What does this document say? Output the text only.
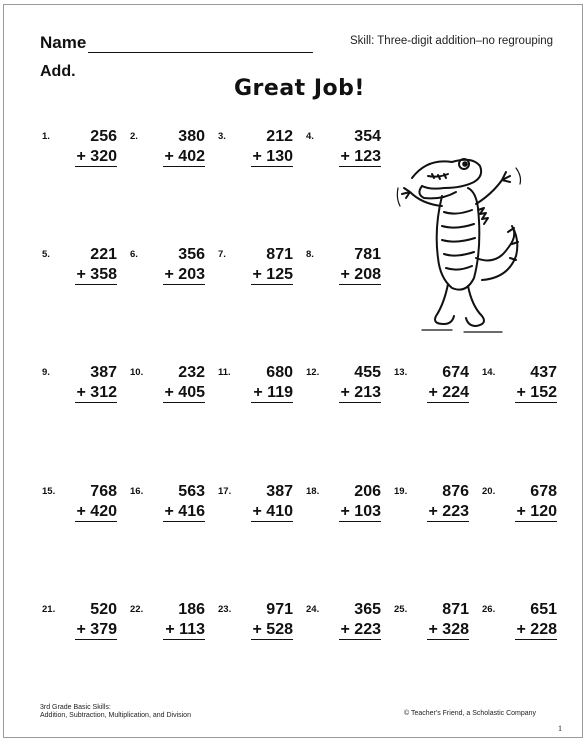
Name	Skill: Three-digit addition–no regrouping
Add.
Great Job!
1.	256
+ 320
2.	380
+ 402
3.	212
+ 130
4.	354
+ 123
5.	221
+ 358
6.	356
+ 203
7.	871
+ 125
8.	781
+ 208
9.	387
+ 312
10. 232
+ 405
11. 680
+ 119
12. 455
+ 213
13. 674
+ 224
14. 437
+ 152
15. 768
+ 420
16. 563
+ 416
17. 387
+ 410
18. 206
+ 103
19. 876
+ 223
20. 678
+ 120
21. 520
+ 379
22. 186
+ 113
23. 971
+ 528
24. 365
+ 223
25. 871
+ 328
26. 651
+ 228
3rd Grade Basic Skills:
Addition, Subtraction, Multiplication, and Division	© Teacher's Friend, a Scholastic Company
1
